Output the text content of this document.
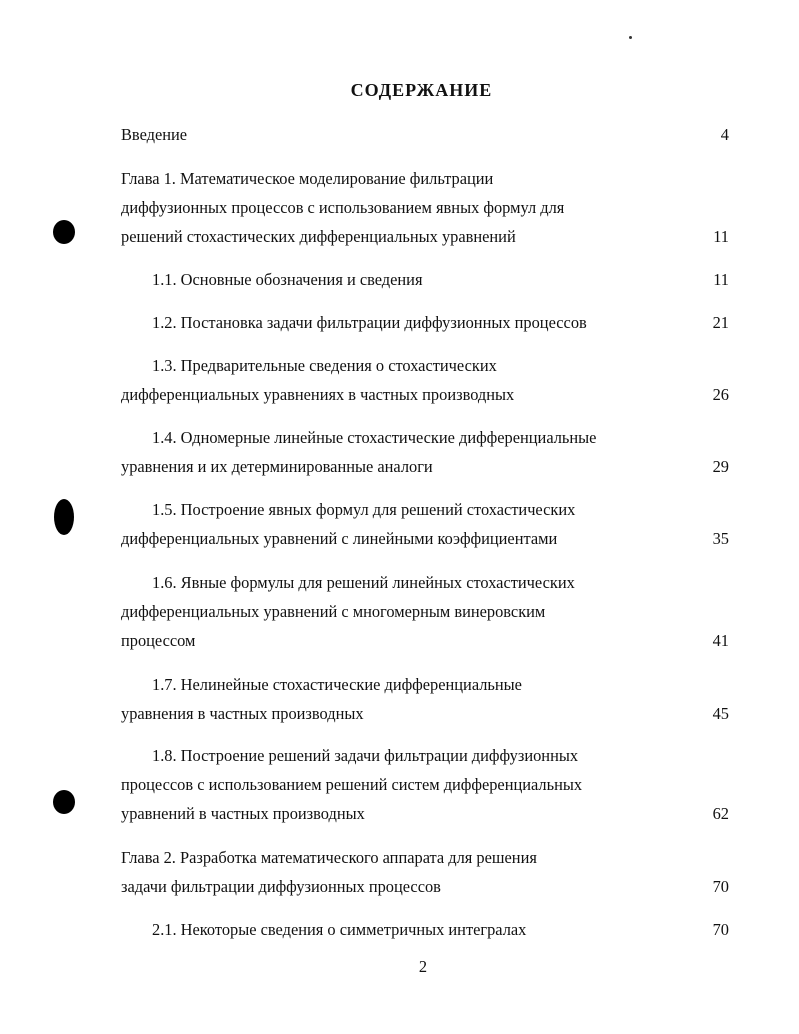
СОДЕРЖАНИЕ
Введение	4
Глава 1. Математическое моделирование фильтрации
диффузионных процессов с использованием явных формул для
решений стохастических дифференциальных уравнений	11
1.1. Основные обозначения и сведения	11
1.2. Постановка задачи фильтрации диффузионных процессов	21
1.3. Предварительные сведения о стохастических
дифференциальных уравнениях в частных производных	26
1.4. Одномерные линейные стохастические дифференциальные
уравнения и их детерминированные аналоги	29
1.5. Построение явных формул для решений стохастических
дифференциальных уравнений с линейными коэффициентами	35
1.6. Явные формулы для решений линейных стохастических
дифференциальных уравнений с многомерным винеровским
процессом	41
1.7. Нелинейные стохастические дифференциальные
уравнения в частных производных	45
1.8. Построение решений задачи фильтрации диффузионных
процессов с использованием решений систем дифференциальных
уравнений в частных производных	62
Глава 2. Разработка математического аппарата для решения
задачи фильтрации диффузионных процессов	70
2.1. Некоторые сведения о симметричных интегралах	70
2
